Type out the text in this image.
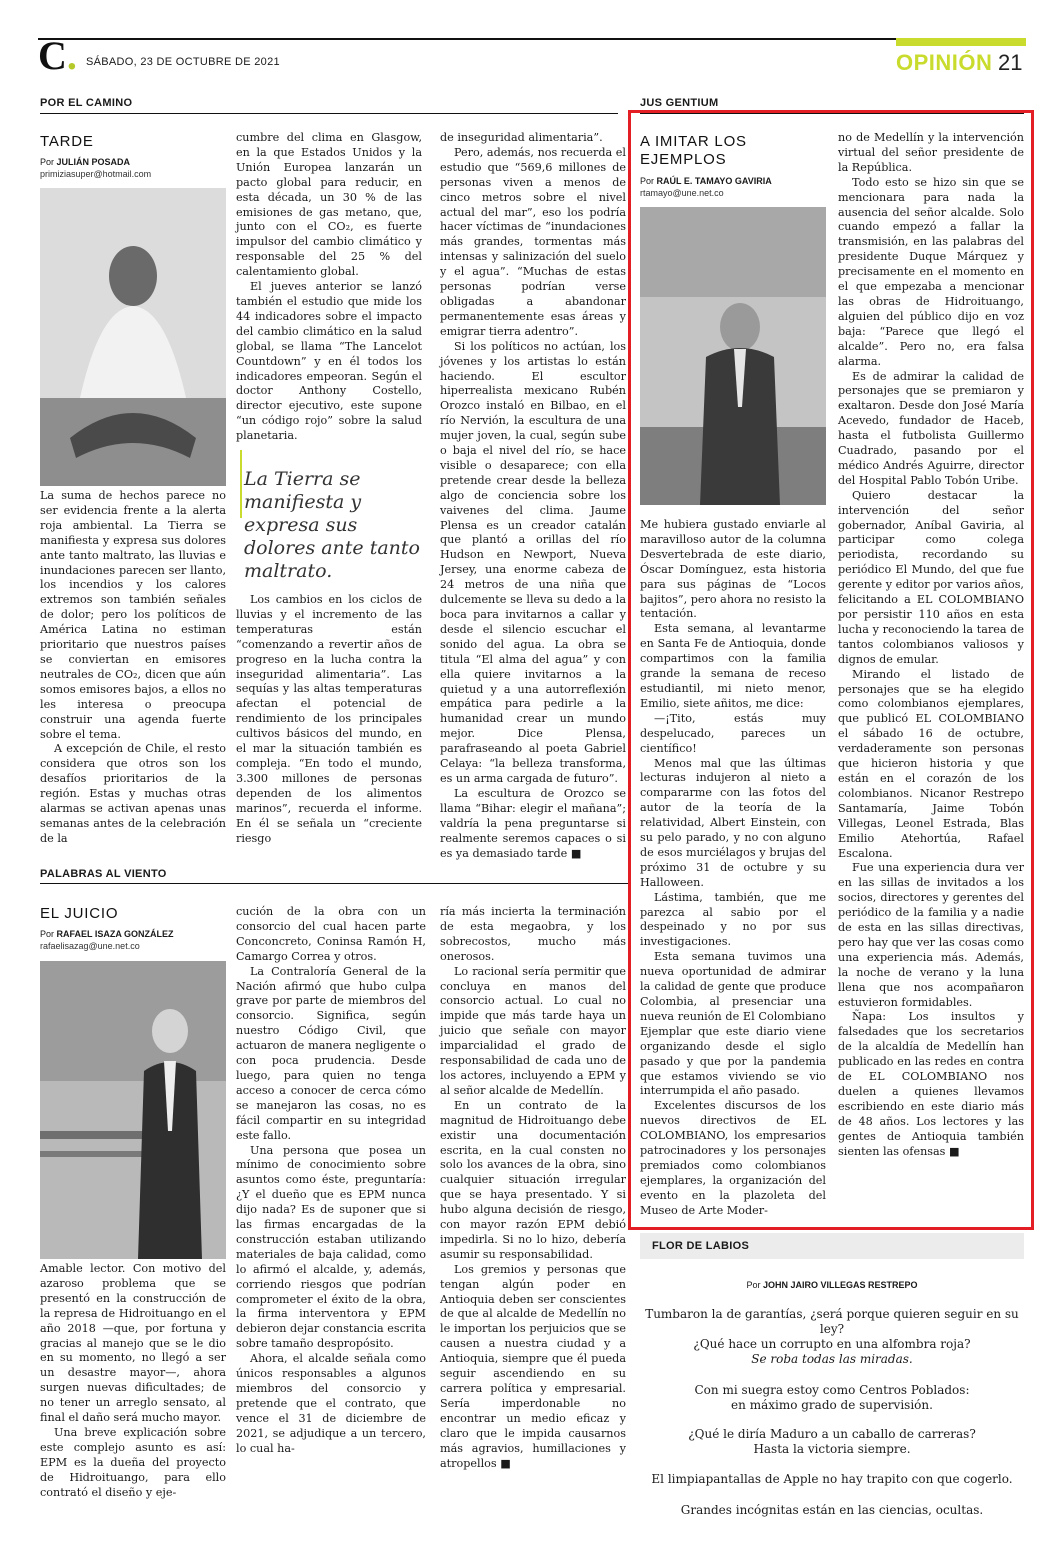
C. SÁBADO, 23 DE OCTUBRE DE 2021	OPINIÓN 21
POR EL CAMINO
TARDE
Por JULIÁN POSADA
primiziasuper@hotmail.com

La suma de hechos parece no ser evidencia frente a la alerta roja ambiental. La Tierra se manifiesta y expresa sus dolores ante tanto maltrato, las lluvias e inundaciones parecen ser llanto, los incendios y los calores extremos son también señales de dolor; pero los políticos de América Latina no estiman prioritario que nuestros países se conviertan en emisores neutrales de CO₂, dicen que aún somos emisores bajos, a ellos no les interesa o preocupa construir una agenda fuerte sobre el tema.

A excepción de Chile, el resto considera que otros son los desafíos prioritarios de la región. Estas y muchas otras alarmas se activan apenas unas semanas antes de la celebración de la

cumbre del clima en Glasgow, en la que Estados Unidos y la Unión Europea lanzarán un pacto global para reducir, en esta década, un 30 % de las emisiones de gas metano, que, junto con el CO₂, es fuerte impulsor del cambio climático y responsable del 25 % del calentamiento global.

El jueves anterior se lanzó también el estudio que mide los 44 indicadores sobre el impacto del cambio climático en la salud global, se llama “The Lancelot Countdown” y en él todos los indicadores empeoran. Según el doctor Anthony Costello, director ejecutivo, este supone “un código rojo” sobre la salud planetaria.

La Tierra se manifiesta y expresa sus dolores ante tanto maltrato.

Los cambios en los ciclos de lluvias y el incremento de las temperaturas están “comenzando a revertir años de progreso en la lucha contra la inseguridad alimentaria”. Las sequías y las altas temperaturas afectan el potencial de rendimiento de los principales cultivos básicos del mundo, en el mar la situación también es compleja. “En todo el mundo, 3.300 millones de personas dependen de los alimentos marinos”, recuerda el informe. En él se señala un “creciente riesgo

de inseguridad alimentaria”.

Pero, además, nos recuerda el estudio que “569,6 millones de personas viven a menos de cinco metros sobre el nivel actual del mar”, eso los podría hacer víctimas de “inundaciones más grandes, tormentas más intensas y salinización del suelo y el agua”. “Muchas de estas personas podrían verse obligadas a abandonar permanentemente esas áreas y emigrar tierra adentro”.

Si los políticos no actúan, los jóvenes y los artistas lo están haciendo. El escultor hiperrealista mexicano Rubén Orozco instaló en Bilbao, en el río Nervión, la escultura de una mujer joven, la cual, según sube o baja el nivel del río, se hace visible o desaparece; con ella pretende crear desde la belleza algo de conciencia sobre los vaivenes del clima. Jaume Plensa es un creador catalán que plantó a orillas del río Hudson en Newport, Nueva Jersey, una enorme cabeza de 24 metros de una niña que dulcemente se lleva su dedo a la boca para invitarnos a callar y desde el silencio escuchar el sonido del agua. La obra se titula “El alma del agua” y con ella quiere invitarnos a la quietud y a una autorreflexión empática para pedirle a la humanidad crear un mundo mejor. Dice Plensa, parafraseando al poeta Gabriel Celaya: “la belleza transforma, es un arma cargada de futuro”.

La escultura de Orozco se llama “Bihar: elegir el mañana”; valdría la pena preguntarse si realmente seremos capaces o si es ya demasiado tarde ■

PALABRAS AL VIENTO
EL JUICIO
Por RAFAEL ISAZA GONZÁLEZ
rafaelisazag@une.net.co

Amable lector. Con motivo del azaroso problema que se presentó en la construcción de la represa de Hidroituango en el año 2018 —que, por fortuna y gracias al manejo que se le dio en su momento, no llegó a ser un desastre mayor—, ahora surgen nuevas dificultades; de no tener un arreglo sensato, al final el daño será mucho mayor.

Una breve explicación sobre este complejo asunto es así: EPM es la dueña del proyecto de Hidroituango, para ello contrató el diseño y eje-

cución de la obra con un consorcio del cual hacen parte Conconcreto, Coninsa Ramón H, Camargo Correa y otros.

La Contraloría General de la Nación afirmó que hubo culpa grave por parte de miembros del consorcio. Significa, según nuestro Código Civil, que actuaron de manera negligente o con poca prudencia. Desde luego, para quien no tenga acceso a conocer de cerca cómo se manejaron las cosas, no es fácil compartir en su integridad este fallo.

Una persona que posea un mínimo de conocimiento sobre asuntos como éste, preguntaría: ¿Y el dueño que es EPM nunca dijo nada? Es de suponer que si las firmas encargadas de la construcción estaban utilizando materiales de baja calidad, como lo afirmó el alcalde, y, además, corriendo riesgos que podrían comprometer el éxito de la obra, la firma interventora y EPM debieron dejar constancia escrita sobre tamaño despropósito.

Ahora, el alcalde señala como únicos responsables a algunos miembros del consorcio y pretende que el contrato, que vence el 31 de diciembre de 2021, se adjudique a un tercero, lo cual ha-

ría más incierta la terminación de esta megaobra, y los sobrecostos, mucho más onerosos.

Lo racional sería permitir que concluya en manos del consorcio actual. Lo cual no impide que más tarde haya un juicio que señale con mayor imparcialidad el grado de responsabilidad de cada uno de los actores, incluyendo a EPM y al señor alcalde de Medellín.

En un contrato de la magnitud de Hidroituango debe existir una documentación escrita, en la cual consten no solo los avances de la obra, sino cualquier situación irregular que se haya presentado. Y si hubo alguna decisión de riesgo, con mayor razón EPM debió impedirla. Si no lo hizo, debería asumir su responsabilidad.

Los gremios y personas que tengan algún poder en Antioquia deben ser conscientes de que al alcalde de Medellín no le importan los perjuicios que se causen a nuestra ciudad y a Antioquia, siempre que él pueda seguir ascendiendo en su carrera política y empresarial. Sería imperdonable no encontrar un medio eficaz y claro que le impida causarnos más agravios, humillaciones y atropellos ■

JUS GENTIUM
A IMITAR LOS EJEMPLOS
Por RAÚL E. TAMAYO GAVIRIA
rtamayo@une.net.co

Me hubiera gustado enviarle al maravilloso autor de la columna Desvertebrada de este diario, Óscar Domínguez, esta historia para sus páginas de “Locos bajitos”, pero ahora no resisto la tentación.

Esta semana, al levantarme en Santa Fe de Antioquia, donde compartimos con la familia grande la semana de receso estudiantil, mi nieto menor, Emilio, siete añitos, me dice:

—¡Tito, estás muy despelucado, pareces un científico!

Menos mal que las últimas lecturas indujeron al nieto a compararme con las fotos del autor de la teoría de la relatividad, Albert Einstein, con su pelo parado, y no con alguno de esos murciélagos y brujas del próximo 31 de octubre y su Halloween.

Lástima, también, que me parezca al sabio por el despeinado y no por sus investigaciones.

Esta semana tuvimos una nueva oportunidad de admirar la calidad de gente que produce Colombia, al presenciar una nueva reunión de El Colombiano Ejemplar que este diario viene organizando desde el siglo pasado y que por la pandemia que estamos viviendo se vio interrumpida el año pasado.

Excelentes discursos de los nuevos directivos de EL COLOMBIANO, los empresarios patrocinadores y los personajes premiados como colombianos ejemplares, la organización del evento en la plazoleta del Museo de Arte Moder-

no de Medellín y la intervención virtual del señor presidente de la República.

Todo esto se hizo sin que se mencionara para nada la ausencia del señor alcalde. Solo cuando empezó a fallar la transmisión, en las palabras del presidente Duque Márquez y precisamente en el momento en el que empezaba a mencionar las obras de Hidroituango, alguien del público dijo en voz baja: “Parece que llegó el alcalde”. Pero no, era falsa alarma.

Es de admirar la calidad de personajes que se premiaron y exaltaron. Desde don José María Acevedo, fundador de Haceb, hasta el futbolista Guillermo Cuadrado, pasando por el médico Andrés Aguirre, director del Hospital Pablo Tobón Uribe.

Quiero destacar la intervención del señor gobernador, Aníbal Gaviria, al participar como colega periodista, recordando su periódico El Mundo, del que fue gerente y editor por varios años, felicitando a EL COLOMBIANO por persistir 110 años en esta lucha y reconociendo la tarea de tantos colombianos valiosos y dignos de emular.

Mirando el listado de personajes que se ha elegido como colombianos ejemplares, que publicó EL COLOMBIANO el sábado 16 de octubre, verdaderamente son personas que hicieron historia y que están en el corazón de los colombianos. Nicanor Restrepo Santamaría, Jaime Tobón Villegas, Leonel Estrada, Blas Emilio Atehortúa, Rafael Escalona.

Fue una experiencia dura ver en las sillas de invitados a los socios, directores y gerentes del periódico de la familia y a nadie de esta en las sillas directivas, pero hay que ver las cosas como una experiencia más. Además, la noche de verano y la luna llena que nos acompañaron estuvieron formidables.

Ñapa: Los insultos y falsedades que los secretarios de la alcaldía de Medellín han publicado en las redes en contra de EL COLOMBIANO nos duelen a quienes llevamos escribiendo en este diario más de 48 años. Los lectores y las gentes de Antioquia también sienten las ofensas ■

FLOR DE LABIOS
Por JOHN JAIRO VILLEGAS RESTREPO
Tumbaron la de garantías, ¿será porque quieren seguir en su ley?
¿Qué hace un corrupto en una alfombra roja?
Se roba todas las miradas.
Con mi suegra estoy como Centros Poblados:
en máximo grado de supervisión.
¿Qué le diría Maduro a un caballo de carreras?
Hasta la victoria siempre.
El limpiapantallas de Apple no hay trapito con que cogerlo.
Grandes incógnitas están en las ciencias, ocultas.
